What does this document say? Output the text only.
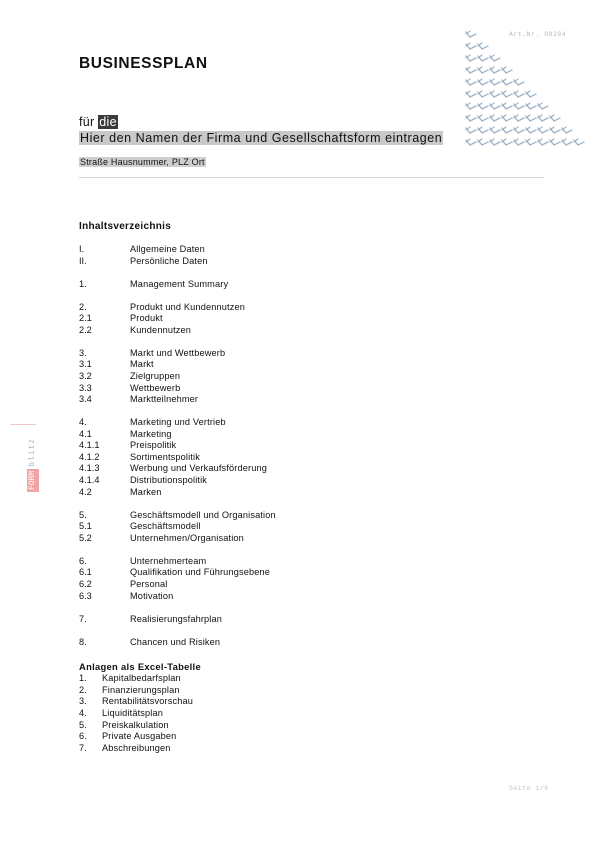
Art.Nr. 08284
BUSINESSPLAN
für die
Hier den Namen der Firma und Gesellschaftsform eintragen
Straße Hausnummer, PLZ Ort
Inhaltsverzeichnis
I.	Allgemeine Daten
II.	Persönliche Daten
1.	Management Summary
2.	Produkt und Kundennutzen
2.1	Produkt
2.2	Kundennutzen
3.	Markt und Wettbewerb
3.1	Markt
3.2	Zielgruppen
3.3	Wettbewerb
3.4	Marktteilnehmer
4.	Marketing und Vertrieb
4.1	Marketing
4.1.1	Preispolitik
4.1.2	Sortimentspolitik
4.1.3	Werbung und Verkaufsförderung
4.1.4	Distributionspolitik
4.2	Marken
5.	Geschäftsmodell und Organisation
5.1	Geschäftsmodell
5.2	Unternehmen/Organisation
6.	Unternehmerteam
6.1	Qualifikation und Führungsebene
6.2	Personal
6.3	Motivation
7.	Realisierungsfahrplan
8.	Chancen und Risiken
Anlagen als Excel-Tabelle
1. Kapitalbedarfsplan
2. Finanzierungsplan
3. Rentabilitätsvorschau
4. Liquiditätsplan
5. Preiskalkulation
6. Private Ausgaben
7. Abschreibungen
FORM
blitz
Seite 1/8
